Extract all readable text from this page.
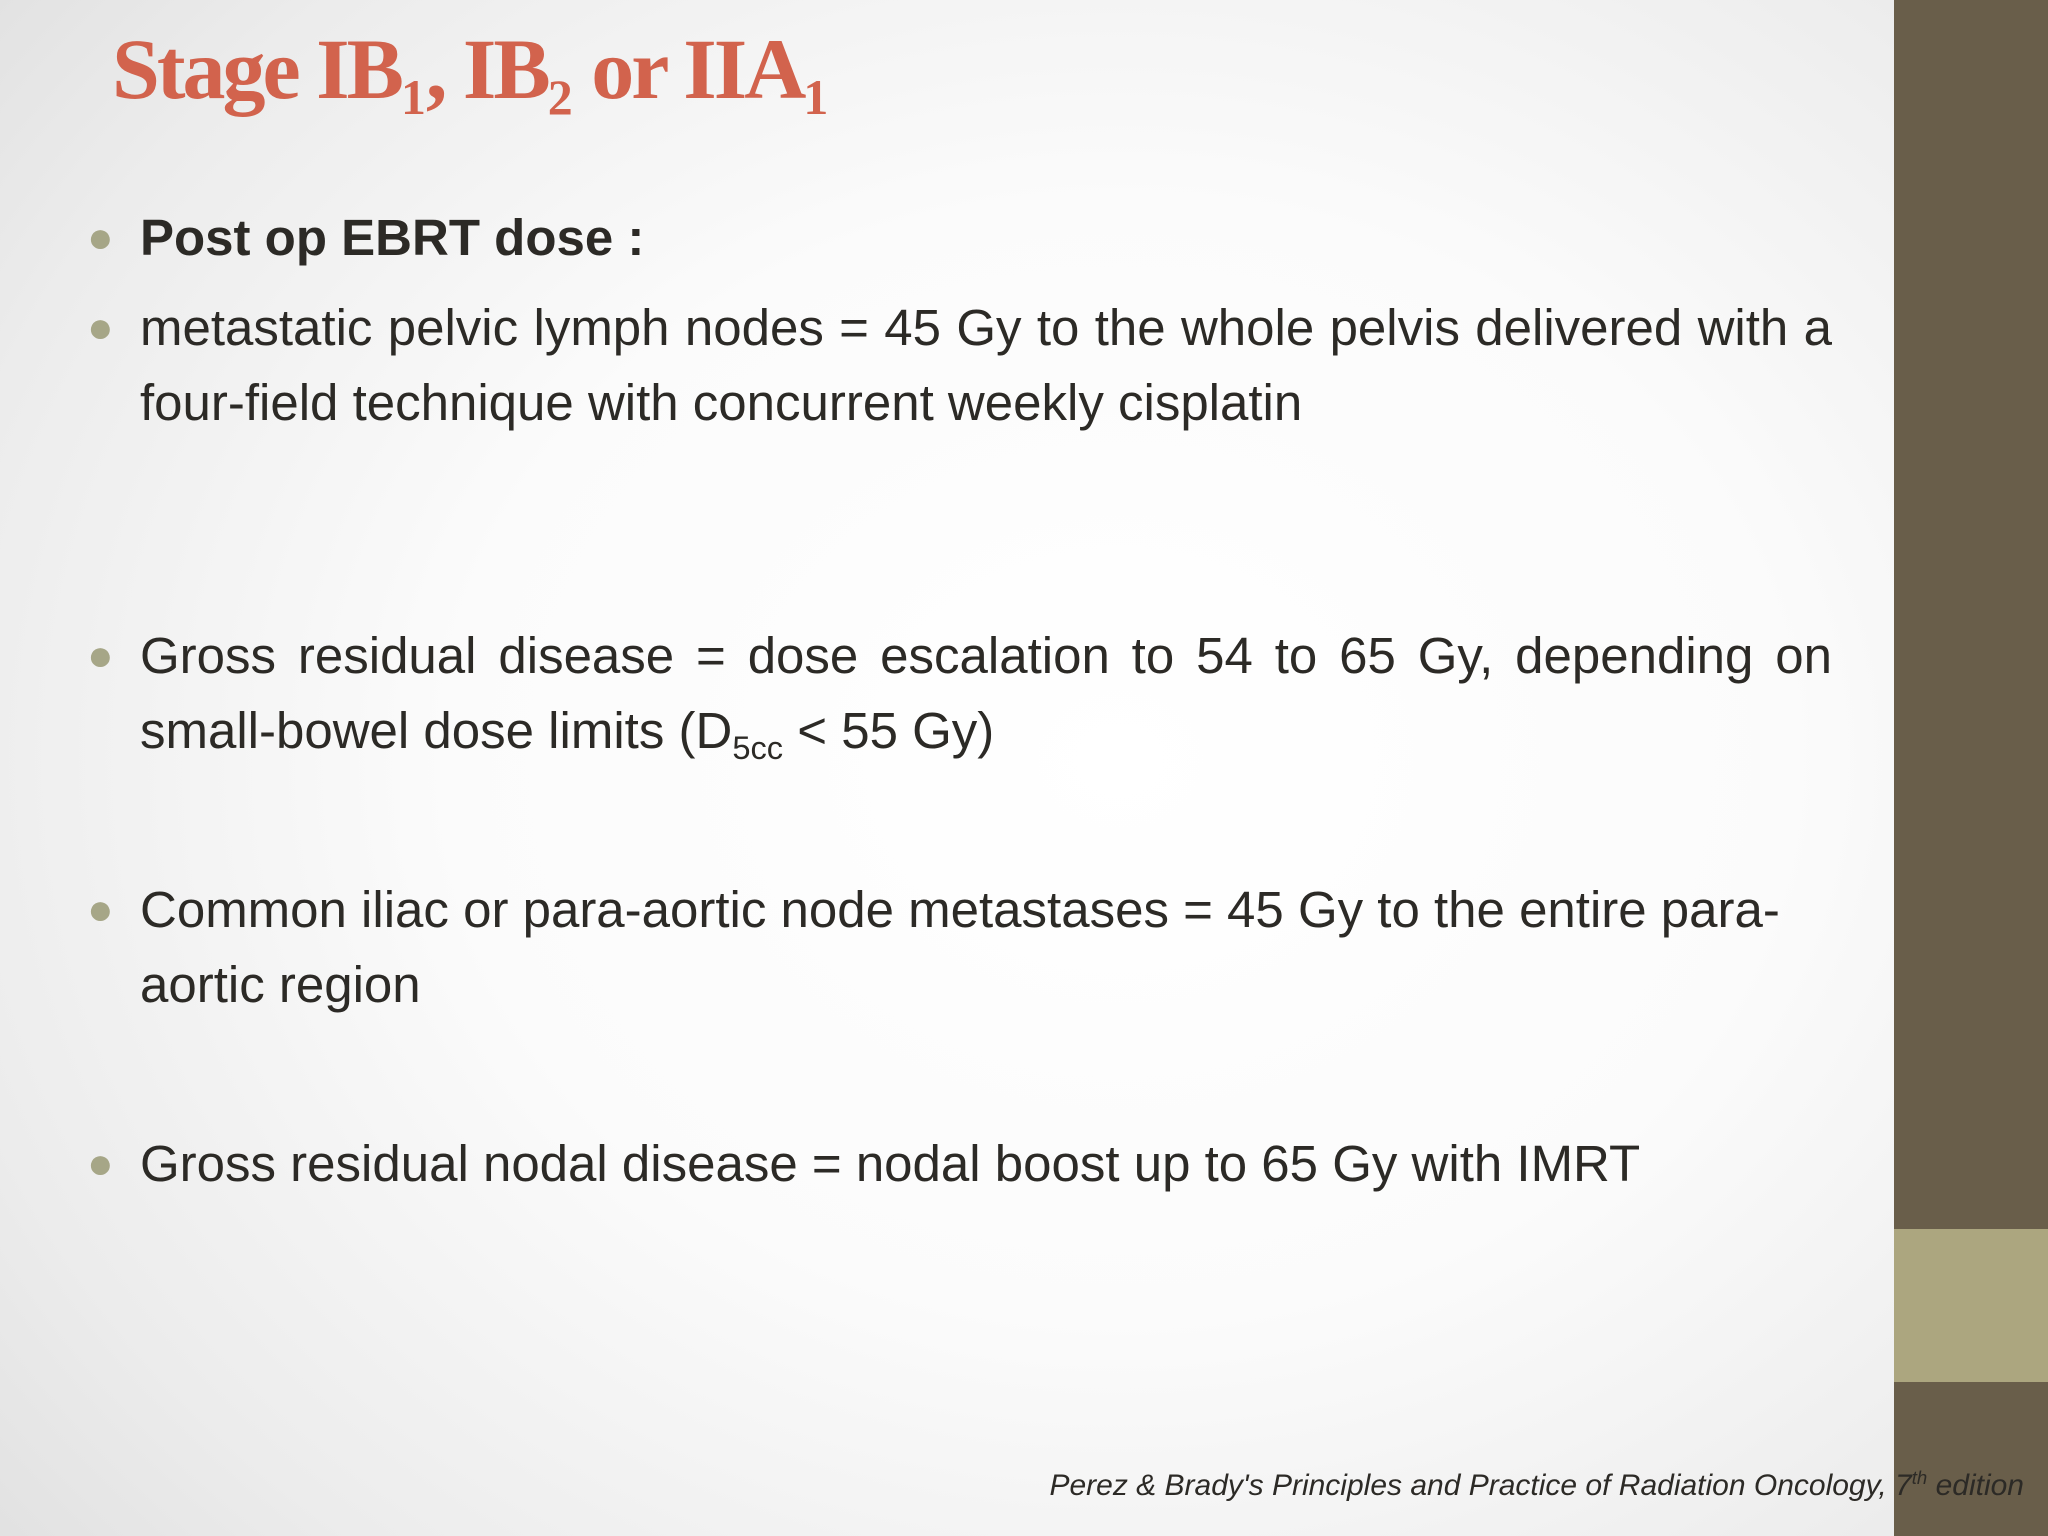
Stage $IB_1$, $IB_2$ or $IIA_1$
● Post op EBRT dose :
● metastatic pelvic lymph nodes = 45 Gy to the whole pelvis delivered with a four-field technique with concurrent weekly cisplatin
● Gross residual disease = dose escalation to 54 to 65 Gy, depending on small-bowel dose limits ($D_{5cc} < 55$ Gy)
● Common iliac or para-aortic node metastases = 45 Gy to the entire para-aortic region
● Gross residual nodal disease = nodal boost up to 65 Gy with IMRT
Perez & Brady's Principles and Practice of Radiation Oncology, 7th edition
